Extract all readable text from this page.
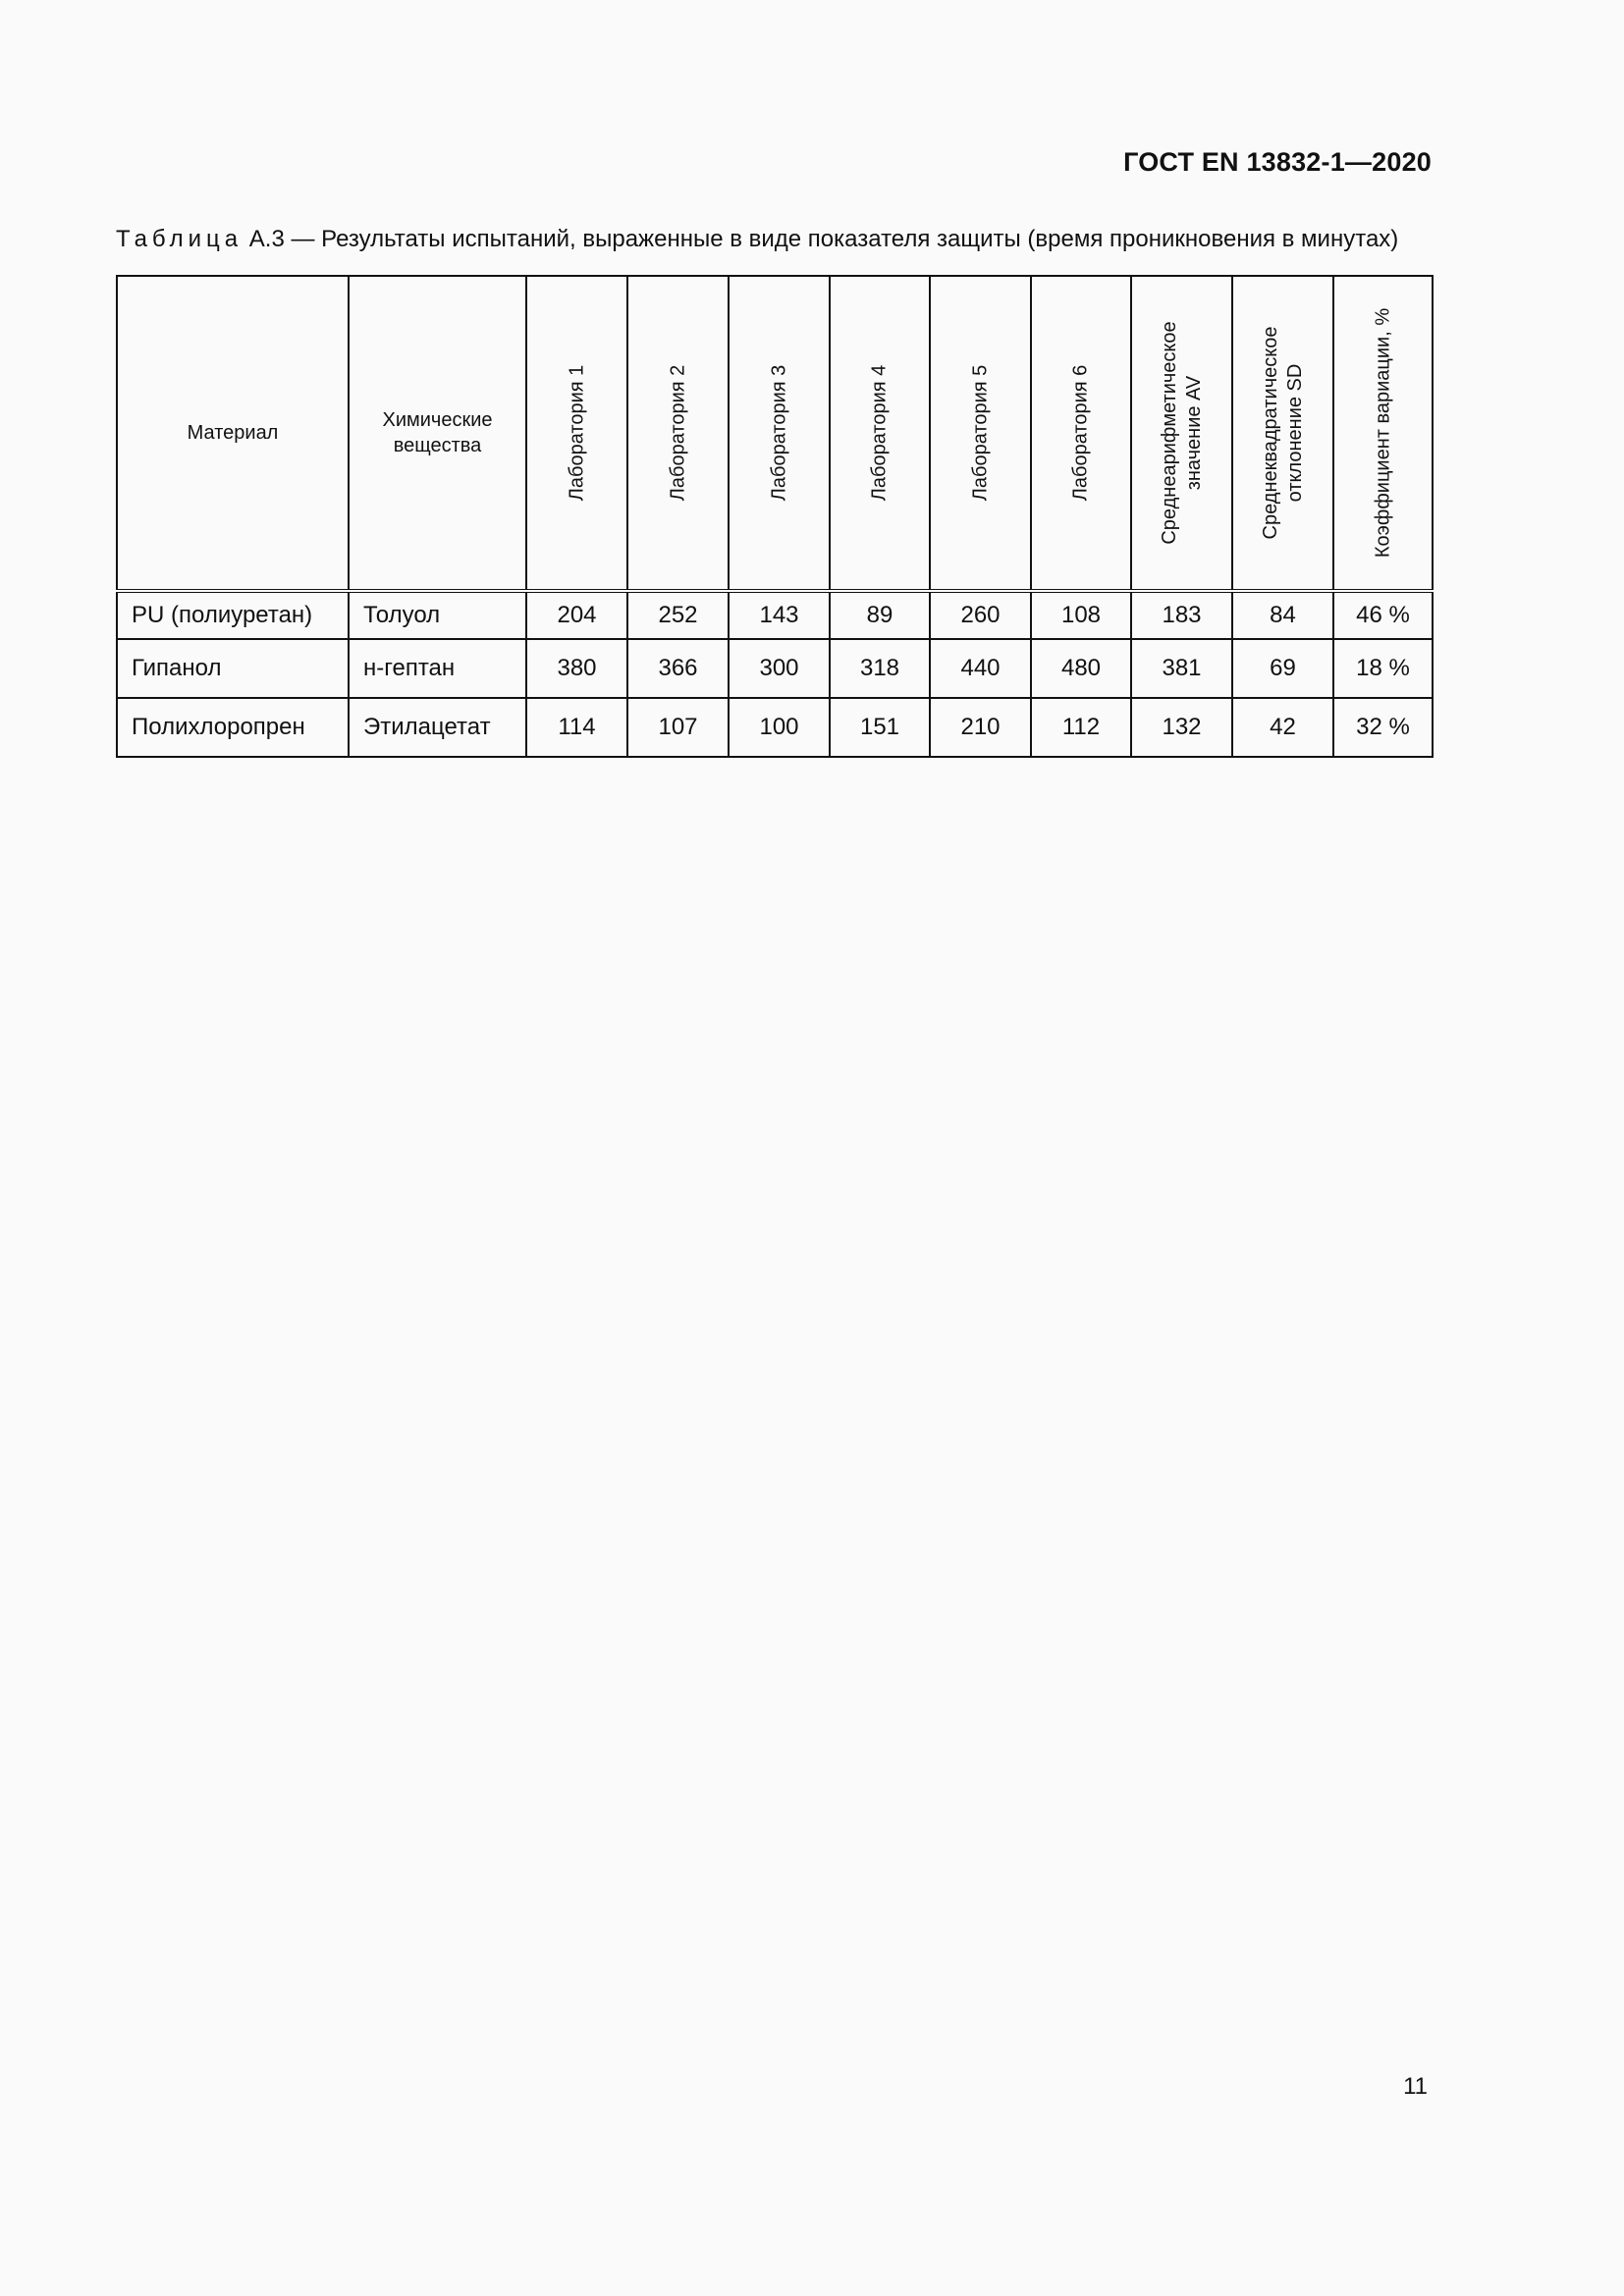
ГОСТ EN 13832-1—2020
Таблица А.3 — Результаты испытаний, выраженные в виде показателя защиты (время проникновения в минутах)
Материал	Химические вещества	Лаборатория 1	Лаборатория 2	Лаборатория 3	Лаборатория 4	Лаборатория 5	Лаборатория 6	Среднеарифметическое значение AV	Среднеквадратическое отклонение SD	Коэффициент вариации, %

PU (полиуретан)	Толуол	204	252	143	89	260	108	183	84	46 %
Гипанол	н-гептан	380	366	300	318	440	480	381	69	18 %
Полихлоропрен	Этилацетат	114	107	100	151	210	112	132	42	32 %
11
